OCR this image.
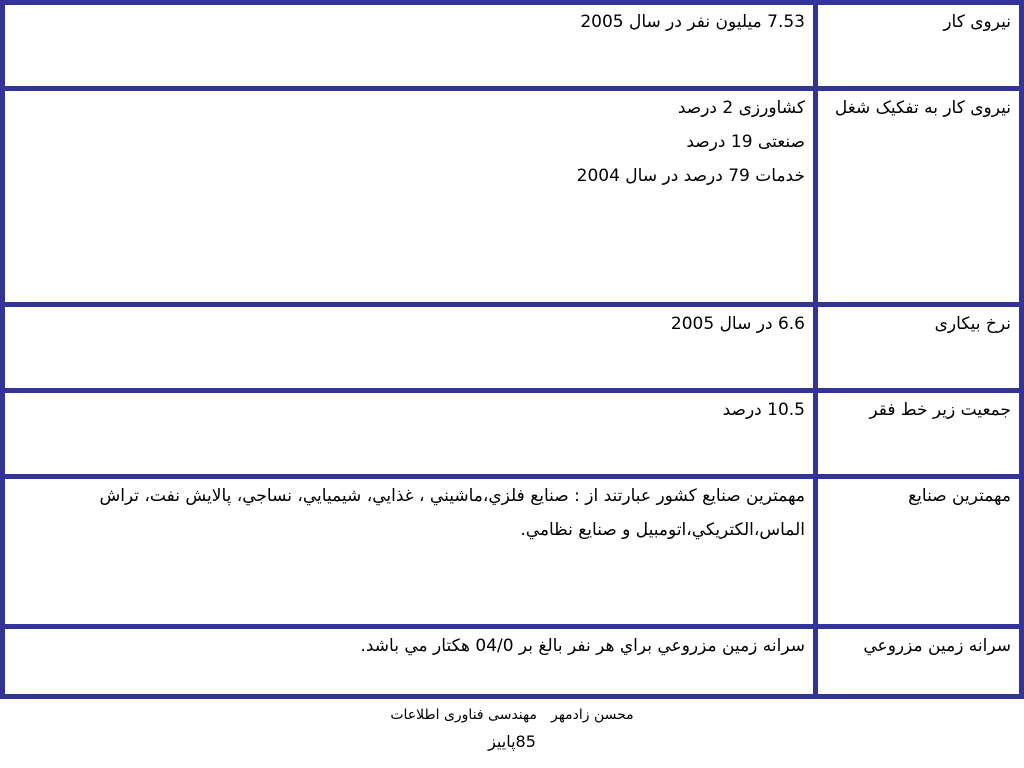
7.53 میلیون نفر در سال 2005	نیروی کار

کشاورزی 2 درصد
صنعتی 19 درصد
خدمات 79 درصد در سال 2004	نیروی کار به تفکیک شغل

6.6 در سال 2005	نرخ بیکاری

10.5 درصد	جمعیت زیر خط فقر

مهمترين صنايع کشور عبارتند از : صنايع فلزي،ماشيني ، غذايي، شيميايي، نساجي، پالايش نفت، تراش الماس،الکتريکي،اتومبيل و صنايع نظامي.	مهمترین صنایع

سرانه زمين مزروعي براي هر نفر بالغ بر 04/0 هکتار مي باشد.	سرانه زمین مزروعي
محسن زادمهرمهندسی فناوری اطلاعات
85پاییز
